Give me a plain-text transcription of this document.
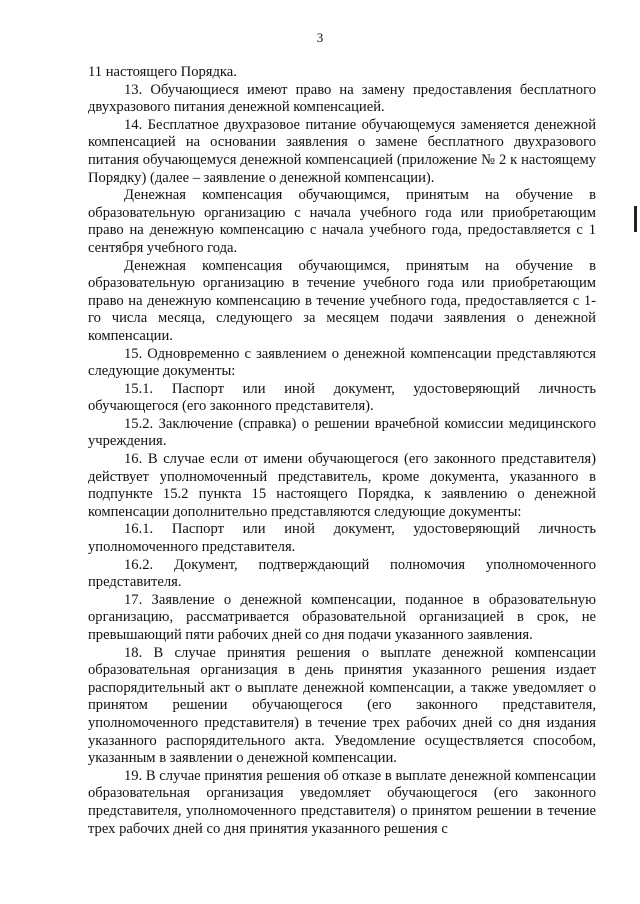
3

11 настоящего Порядка.

13. Обучающиеся имеют право на замену предоставления бесплатного двухразового питания денежной компенсацией.

14. Бесплатное двухразовое питание обучающемуся заменяется денежной компенсацией на основании заявления о замене бесплатного двухразового питания обучающемуся денежной компенсацией (приложение № 2 к настоящему Порядку) (далее – заявление о денежной компенсации).

Денежная компенсация обучающимся, принятым на обучение в образовательную организацию с начала учебного года или приобретающим право на денежную компенсацию с начала учебного года, предоставляется с 1 сентября учебного года.

Денежная компенсация обучающимся, принятым на обучение в образовательную организацию в течение учебного года или приобретающим право на денежную компенсацию в течение учебного года, предоставляется с 1-го числа месяца, следующего за месяцем подачи заявления о денежной компенсации.

15. Одновременно с заявлением о денежной компенсации представляются следующие документы:

15.1. Паспорт или иной документ, удостоверяющий личность обучающегося (его законного представителя).

15.2. Заключение (справка) о решении врачебной комиссии медицинского учреждения.

16. В случае если от имени обучающегося (его законного представителя) действует уполномоченный представитель, кроме документа, указанного в подпункте 15.2 пункта 15 настоящего Порядка, к заявлению о денежной компенсации дополнительно представляются следующие документы:

16.1. Паспорт или иной документ, удостоверяющий личность уполномоченного представителя.

16.2. Документ, подтверждающий полномочия уполномоченного представителя.

17. Заявление о денежной компенсации, поданное в образовательную организацию, рассматривается образовательной организацией в срок, не превышающий пяти рабочих дней со дня подачи указанного заявления.

18. В случае принятия решения о выплате денежной компенсации образовательная организация в день принятия указанного решения издает распорядительный акт о выплате денежной компенсации, а также уведомляет о принятом решении обучающегося (его законного представителя, уполномоченного представителя) в течение трех рабочих дней со дня издания указанного распорядительного акта. Уведомление осуществляется способом, указанным в заявлении о денежной компенсации.

19. В случае принятия решения об отказе в выплате денежной компенсации образовательная организация уведомляет обучающегося (его законного представителя, уполномоченного представителя) о принятом решении в течение трех рабочих дней со дня принятия указанного решения с
